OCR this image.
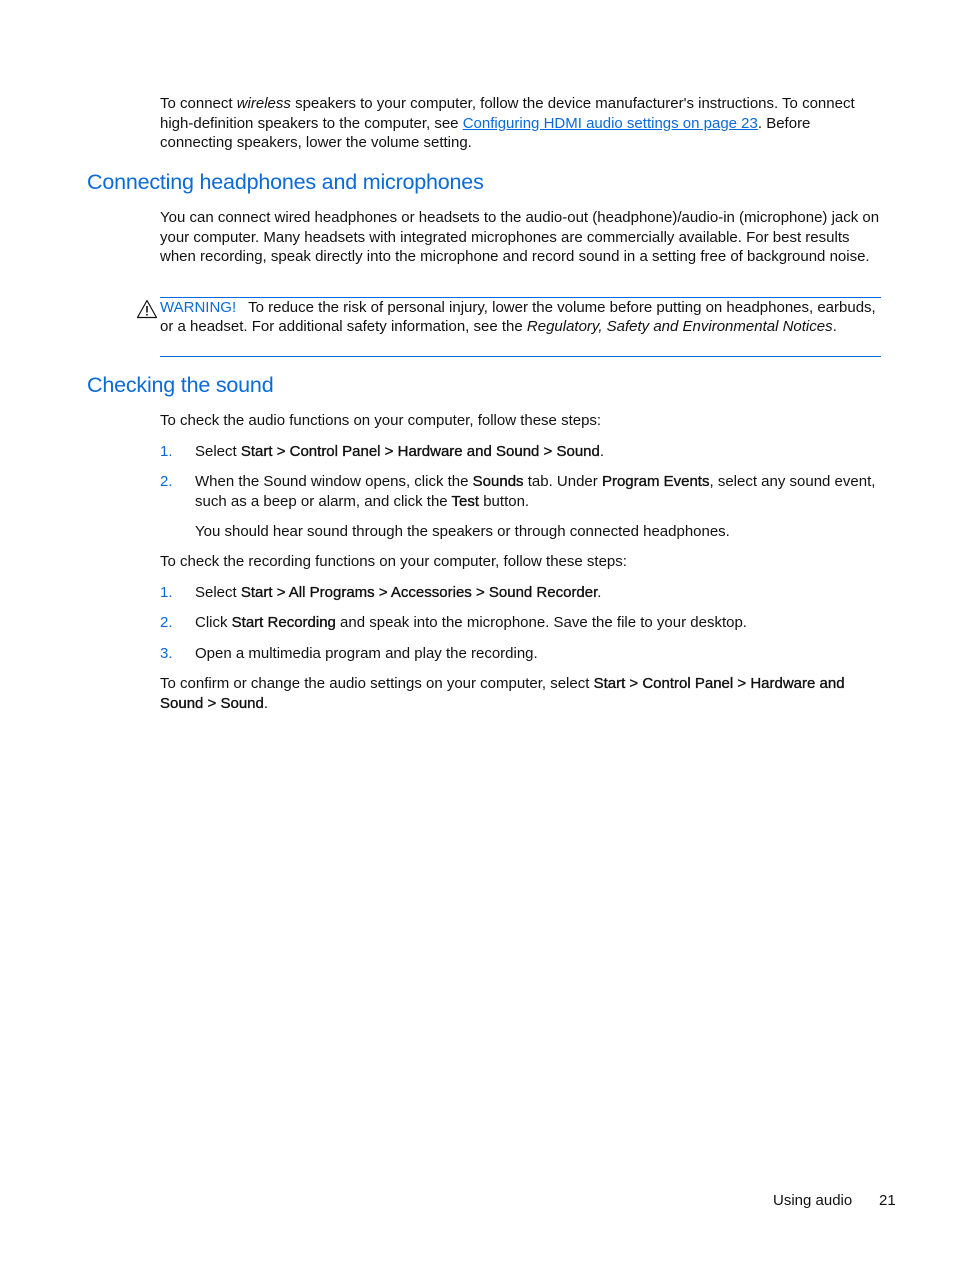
To connect wireless speakers to your computer, follow the device manufacturer's instructions. To connect high-definition speakers to the computer, see Configuring HDMI audio settings on page 23. Before connecting speakers, lower the volume setting.

Connecting headphones and microphones

You can connect wired headphones or headsets to the audio-out (headphone)/audio-in (microphone) jack on your computer. Many headsets with integrated microphones are commercially available. For best results when recording, speak directly into the microphone and record sound in a setting free of background noise.

WARNING! To reduce the risk of personal injury, lower the volume before putting on headphones, earbuds, or a headset. For additional safety information, see the Regulatory, Safety and Environmental Notices.

Checking the sound

To check the audio functions on your computer, follow these steps:

1. Select Start > Control Panel > Hardware and Sound > Sound.
2. When the Sound window opens, click the Sounds tab. Under Program Events, select any sound event, such as a beep or alarm, and click the Test button.

You should hear sound through the speakers or through connected headphones.

To check the recording functions on your computer, follow these steps:

1. Select Start > All Programs > Accessories > Sound Recorder.
2. Click Start Recording and speak into the microphone. Save the file to your desktop.
3. Open a multimedia program and play the recording.

To confirm or change the audio settings on your computer, select Start > Control Panel > Hardware and Sound > Sound.

Using audio 21
